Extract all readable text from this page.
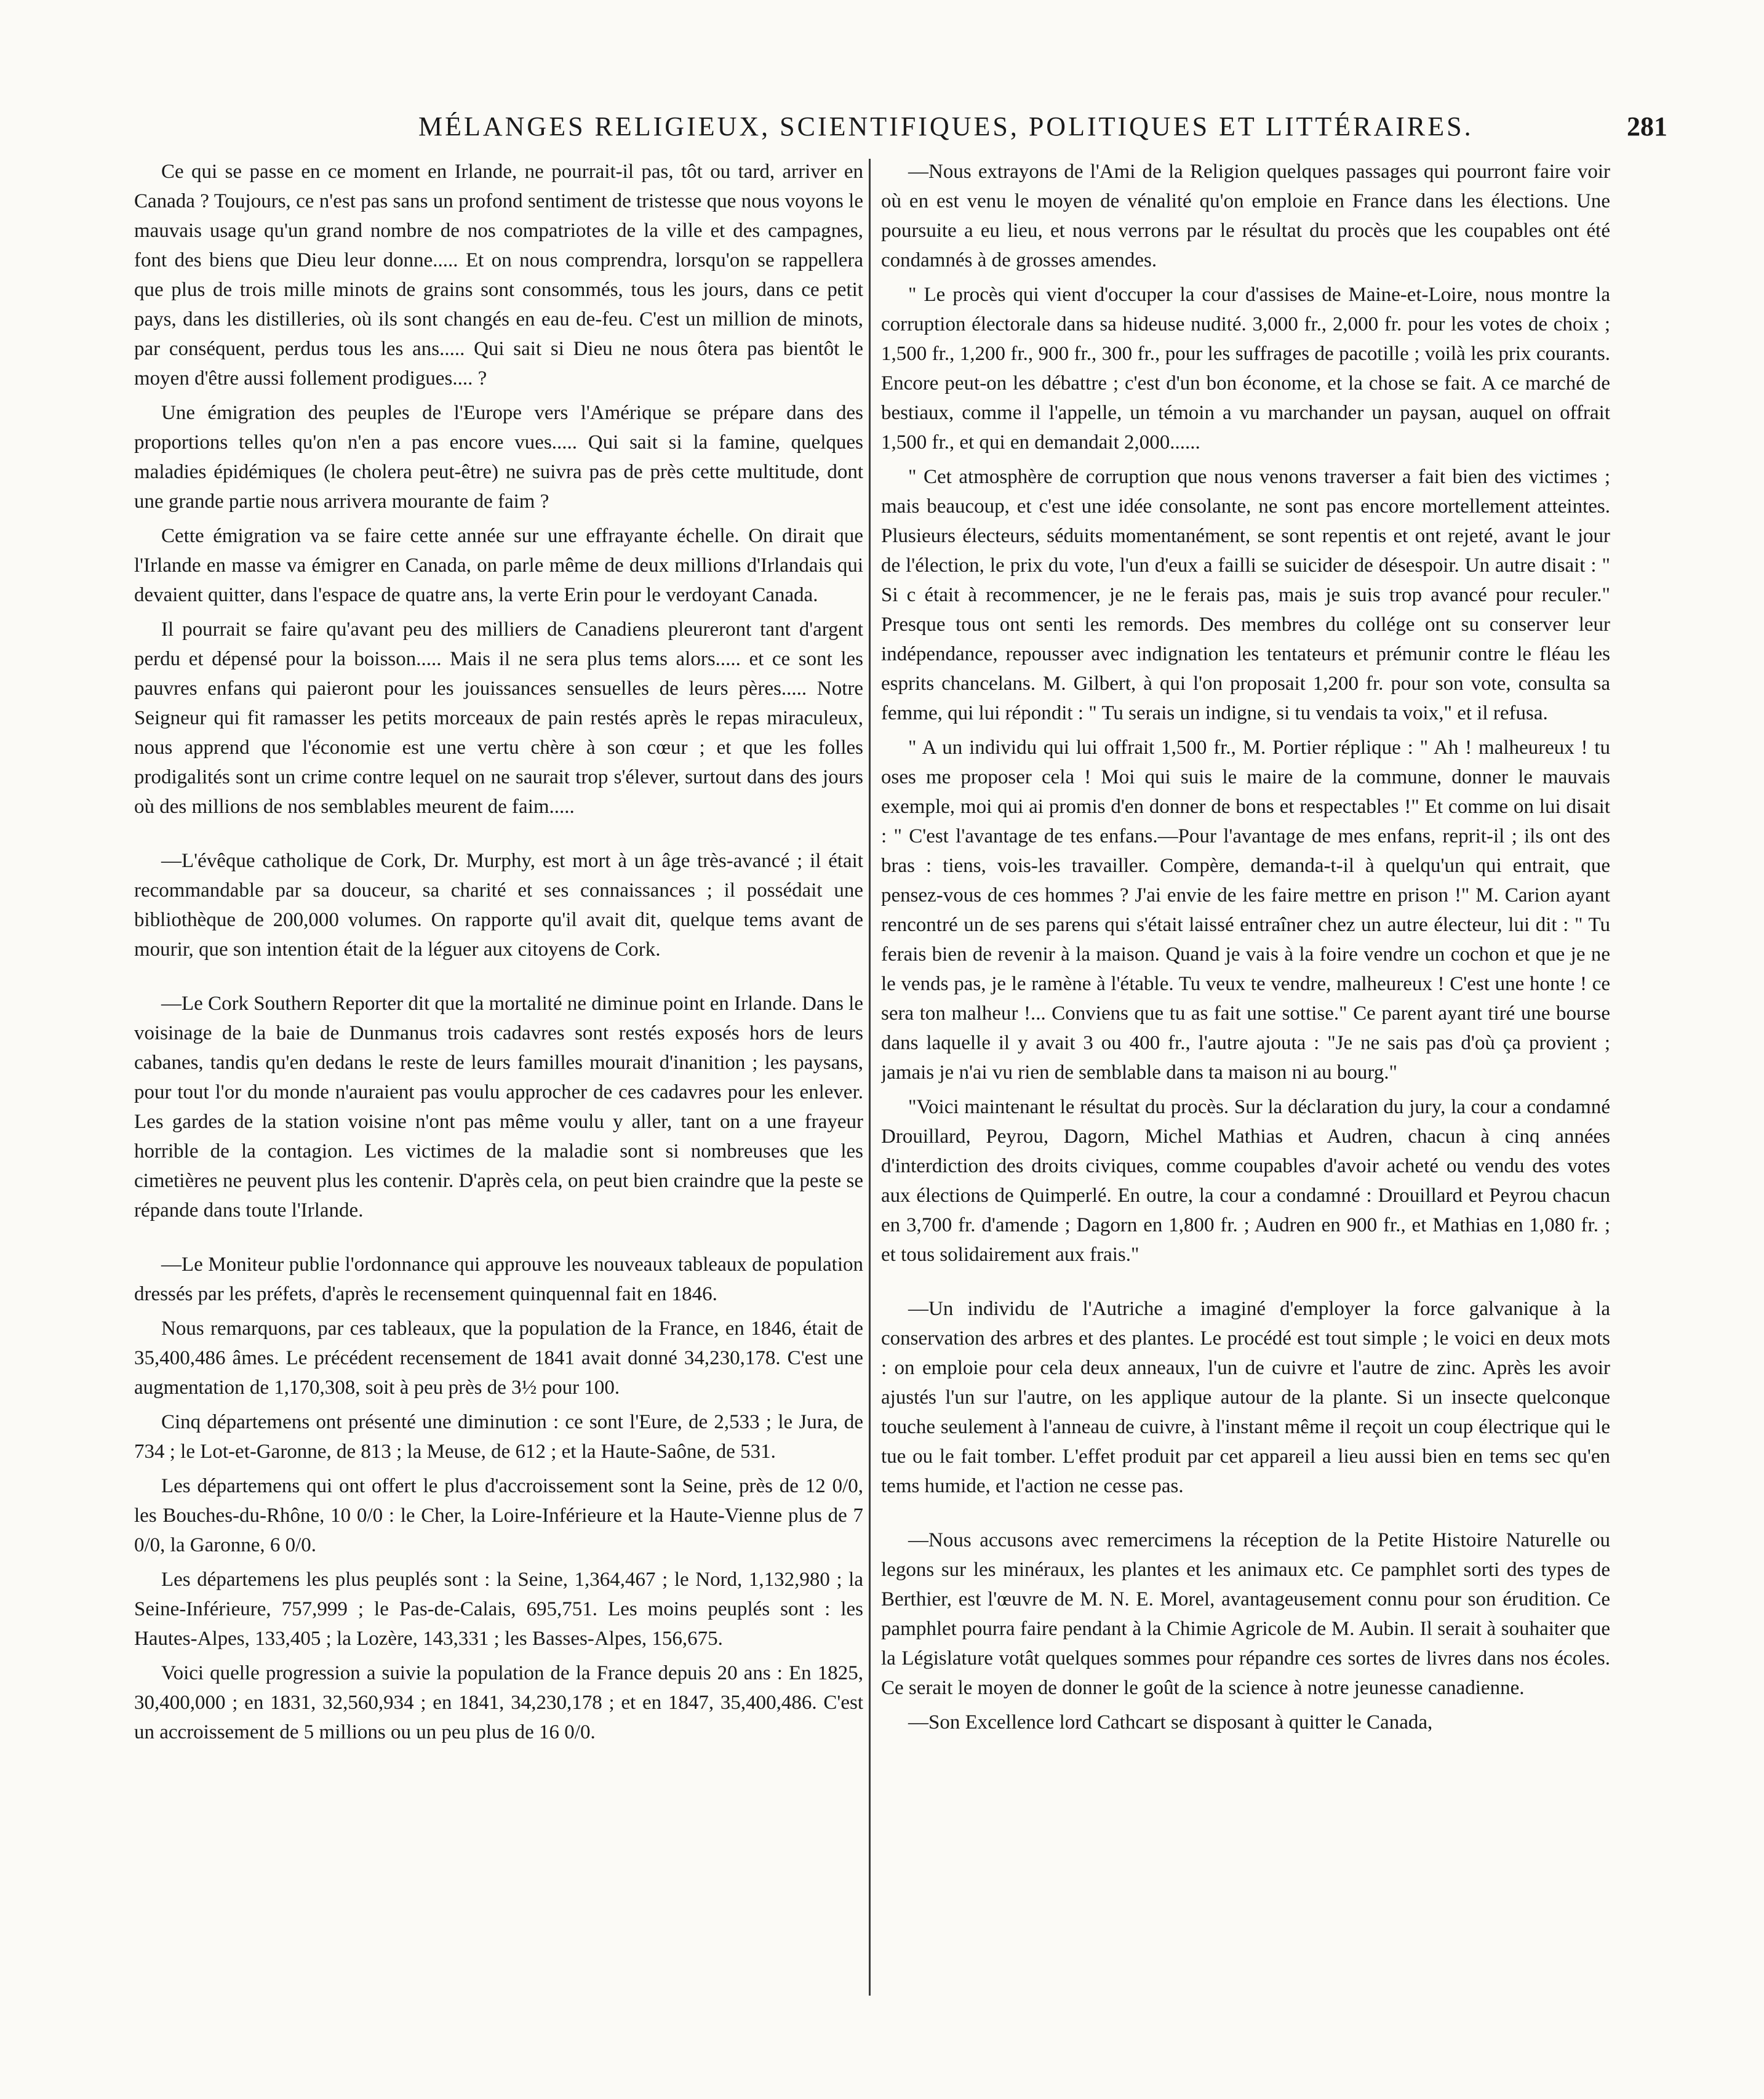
MÉLANGES RELIGIEUX, SCIENTIFIQUES, POLITIQUES ET LITTÉRAIRES.	281

Ce qui se passe en ce moment en Irlande, ne pourrait-il pas, tôt ou tard, arriver en Canada ? Toujours, ce n'est pas sans un profond sentiment de tristesse que nous voyons le mauvais usage qu'un grand nombre de nos compatriotes de la ville et des campagnes, font des biens que Dieu leur donne..... Et on nous comprendra, lorsqu'on se rappellera que plus de trois mille minots de grains sont consommés, tous les jours, dans ce petit pays, dans les distilleries, où ils sont changés en eau de-feu. C'est un million de minots, par conséquent, perdus tous les ans..... Qui sait si Dieu ne nous ôtera pas bientôt le moyen d'être aussi follement prodigues.... ?

Une émigration des peuples de l'Europe vers l'Amérique se prépare dans des proportions telles qu'on n'en a pas encore vues..... Qui sait si la famine, quelques maladies épidémiques (le cholera peut-être) ne suivra pas de près cette multitude, dont une grande partie nous arrivera mourante de faim ?

Cette émigration va se faire cette année sur une effrayante échelle. On dirait que l'Irlande en masse va émigrer en Canada, on parle même de deux millions d'Irlandais qui devaient quitter, dans l'espace de quatre ans, la verte Erin pour le verdoyant Canada.

Il pourrait se faire qu'avant peu des milliers de Canadiens pleureront tant d'argent perdu et dépensé pour la boisson..... Mais il ne sera plus tems alors..... et ce sont les pauvres enfans qui paieront pour les jouissances sensuelles de leurs pères..... Notre Seigneur qui fit ramasser les petits morceaux de pain restés après le repas miraculeux, nous apprend que l'économie est une vertu chère à son cœur ; et que les folles prodigalités sont un crime contre lequel on ne saurait trop s'élever, surtout dans des jours où des millions de nos semblables meurent de faim.....

—L'évêque catholique de Cork, Dr. Murphy, est mort à un âge très-avancé ; il était recommandable par sa douceur, sa charité et ses connaissances ; il possédait une bibliothèque de 200,000 volumes. On rapporte qu'il avait dit, quelque tems avant de mourir, que son intention était de la léguer aux citoyens de Cork.

—Le Cork Southern Reporter dit que la mortalité ne diminue point en Irlande. Dans le voisinage de la baie de Dunmanus trois cadavres sont restés exposés hors de leurs cabanes, tandis qu'en dedans le reste de leurs familles mourait d'inanition ; les paysans, pour tout l'or du monde n'auraient pas voulu approcher de ces cadavres pour les enlever. Les gardes de la station voisine n'ont pas même voulu y aller, tant on a une frayeur horrible de la contagion. Les victimes de la maladie sont si nombreuses que les cimetières ne peuvent plus les contenir. D'après cela, on peut bien craindre que la peste se répande dans toute l'Irlande.

—Le Moniteur publie l'ordonnance qui approuve les nouveaux tableaux de population dressés par les préfets, d'après le recensement quinquennal fait en 1846.

Nous remarquons, par ces tableaux, que la population de la France, en 1846, était de 35,400,486 âmes. Le précédent recensement de 1841 avait donné 34,230,178. C'est une augmentation de 1,170,308, soit à peu près de 3½ pour 100.

Cinq départemens ont présenté une diminution : ce sont l'Eure, de 2,533 ; le Jura, de 734 ; le Lot-et-Garonne, de 813 ; la Meuse, de 612 ; et la Haute-Saône, de 531.

Les départemens qui ont offert le plus d'accroissement sont la Seine, près de 12 0/0, les Bouches-du-Rhône, 10 0/0 : le Cher, la Loire-Inférieure et la Haute-Vienne plus de 7 0/0, la Garonne, 6 0/0.

Les départemens les plus peuplés sont : la Seine, 1,364,467 ; le Nord, 1,132,980 ; la Seine-Inférieure, 757,999 ; le Pas-de-Calais, 695,751. Les moins peuplés sont : les Hautes-Alpes, 133,405 ; la Lozère, 143,331 ; les Basses-Alpes, 156,675.

Voici quelle progression a suivie la population de la France depuis 20 ans : En 1825, 30,400,000 ; en 1831, 32,560,934 ; en 1841, 34,230,178 ; et en 1847, 35,400,486. C'est un accroissement de 5 millions ou un peu plus de 16 0/0.

—Nous extrayons de l'Ami de la Religion quelques passages qui pourront faire voir où en est venu le moyen de vénalité qu'on emploie en France dans les élections. Une poursuite a eu lieu, et nous verrons par le résultat du procès que les coupables ont été condamnés à de grosses amendes.

" Le procès qui vient d'occuper la cour d'assises de Maine-et-Loire, nous montre la corruption électorale dans sa hideuse nudité. 3,000 fr., 2,000 fr. pour les votes de choix ; 1,500 fr., 1,200 fr., 900 fr., 300 fr., pour les suffrages de pacotille ; voilà les prix courants. Encore peut-on les débattre ; c'est d'un bon économe, et la chose se fait. A ce marché de bestiaux, comme il l'appelle, un témoin a vu marchander un paysan, auquel on offrait 1,500 fr., et qui en demandait 2,000......

" Cet atmosphère de corruption que nous venons traverser a fait bien des victimes ; mais beaucoup, et c'est une idée consolante, ne sont pas encore mortellement atteintes. Plusieurs électeurs, séduits momentanément, se sont repentis et ont rejeté, avant le jour de l'élection, le prix du vote, l'un d'eux a failli se suicider de désespoir. Un autre disait : " Si c était à recommencer, je ne le ferais pas, mais je suis trop avancé pour reculer." Presque tous ont senti les remords. Des membres du collége ont su conserver leur indépendance, repousser avec indignation les tentateurs et prémunir contre le fléau les esprits chancelans. M. Gilbert, à qui l'on proposait 1,200 fr. pour son vote, consulta sa femme, qui lui répondit : " Tu serais un indigne, si tu vendais ta voix," et il refusa.

" A un individu qui lui offrait 1,500 fr., M. Portier réplique : " Ah ! malheureux ! tu oses me proposer cela ! Moi qui suis le maire de la commune, donner le mauvais exemple, moi qui ai promis d'en donner de bons et respectables !" Et comme on lui disait : " C'est l'avantage de tes enfans.—Pour l'avantage de mes enfans, reprit-il ; ils ont des bras : tiens, vois-les travailler. Compère, demanda-t-il à quelqu'un qui entrait, que pensez-vous de ces hommes ? J'ai envie de les faire mettre en prison !" M. Carion ayant rencontré un de ses parens qui s'était laissé entraîner chez un autre électeur, lui dit : " Tu ferais bien de revenir à la maison. Quand je vais à la foire vendre un cochon et que je ne le vends pas, je le ramène à l'étable. Tu veux te vendre, malheureux ! C'est une honte ! ce sera ton malheur !... Conviens que tu as fait une sottise." Ce parent ayant tiré une bourse dans laquelle il y avait 3 ou 400 fr., l'autre ajouta : "Je ne sais pas d'où ça provient ; jamais je n'ai vu rien de semblable dans ta maison ni au bourg."

"Voici maintenant le résultat du procès. Sur la déclaration du jury, la cour a condamné Drouillard, Peyrou, Dagorn, Michel Mathias et Audren, chacun à cinq années d'interdiction des droits civiques, comme coupables d'avoir acheté ou vendu des votes aux élections de Quimperlé. En outre, la cour a condamné : Drouillard et Peyrou chacun en 3,700 fr. d'amende ; Dagorn en 1,800 fr. ; Audren en 900 fr., et Mathias en 1,080 fr. ; et tous solidairement aux frais."

—Un individu de l'Autriche a imaginé d'employer la force galvanique à la conservation des arbres et des plantes. Le procédé est tout simple ; le voici en deux mots : on emploie pour cela deux anneaux, l'un de cuivre et l'autre de zinc. Après les avoir ajustés l'un sur l'autre, on les applique autour de la plante. Si un insecte quelconque touche seulement à l'anneau de cuivre, à l'instant même il reçoit un coup électrique qui le tue ou le fait tomber. L'effet produit par cet appareil a lieu aussi bien en tems sec qu'en tems humide, et l'action ne cesse pas.

—Nous accusons avec remercimens la réception de la Petite Histoire Naturelle ou legons sur les minéraux, les plantes et les animaux etc. Ce pamphlet sorti des types de Berthier, est l'œuvre de M. N. E. Morel, avantageusement connu pour son érudition. Ce pamphlet pourra faire pendant à la Chimie Agricole de M. Aubin. Il serait à souhaiter que la Législature votât quelques sommes pour répandre ces sortes de livres dans nos écoles. Ce serait le moyen de donner le goût de la science à notre jeunesse canadienne.

—Son Excellence lord Cathcart se disposant à quitter le Canada,
